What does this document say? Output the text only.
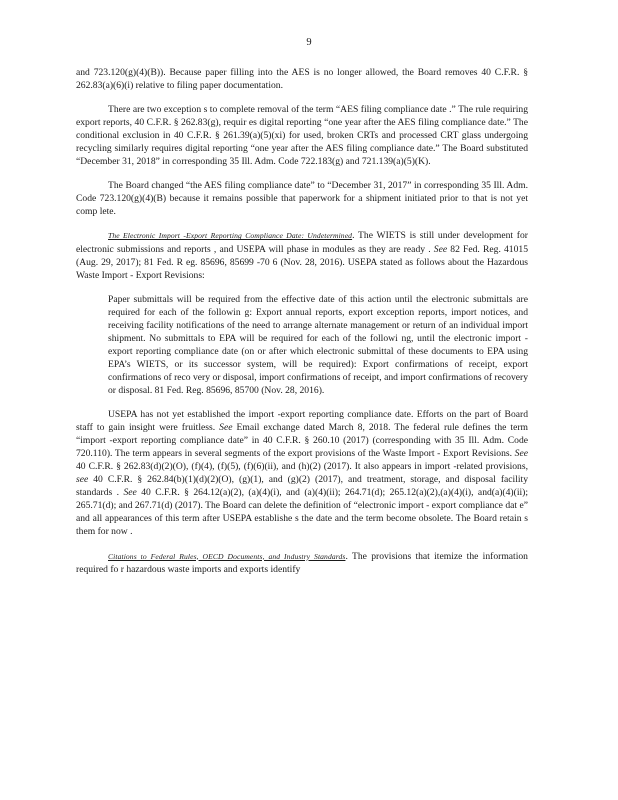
9

and 723.120(g)(4)(B)). Because paper filling into the AES is no longer allowed, the Board removes 40 C.F.R. § 262.83(a)(6)(i) relative to filing paper documentation.

There are two exception s to complete removal of the term “AES filing compliance date .” The rule requiring export reports, 40 C.F.R. § 262.83(g), requir es digital reporting “one year after the AES filing compliance date.” The conditional exclusion in 40 C.F.R. § 261.39(a)(5)(xi) for used, broken CRTs and processed CRT glass undergoing recycling similarly requires digital reporting “one year after the AES filing compliance date.” The Board substituted “December 31, 2018” in corresponding 35 Ill. Adm. Code 722.183(g) and 721.139(a)(5)(K).

The Board changed “the AES filing compliance date” to “December 31, 2017” in corresponding 35 Ill. Adm. Code 723.120(g)(4)(B) because it remains possible that paperwork for a shipment initiated prior to that is not yet comp lete.

The Electronic Import -Export Reporting Compliance Date: Undetermined. The WIETS is still under development for electronic submissions and reports , and USEPA will phase in modules as they are ready . See 82 Fed. Reg. 41015 (Aug. 29, 2017); 81 Fed. R eg. 85696, 85699 -70 6 (Nov. 28, 2016). USEPA stated as follows about the Hazardous Waste Import - Export Revisions:

Paper submittals will be required from the effective date of this action until the electronic submittals are required for each of the followin g: Export annual reports, export exception reports, import notices, and receiving facility notifications of the need to arrange alternate management or return of an individual import shipment. No submittals to EPA will be required for each of the followi ng, until the electronic import -export reporting compliance date (on or after which electronic submittal of these documents to EPA using EPA’s WIETS, or its successor system, will be required): Export confirmations of receipt, export confirmations of reco very or disposal, import confirmations of receipt, and import confirmations of recovery or disposal. 81 Fed. Reg. 85696, 85700 (Nov. 28, 2016).

USEPA has not yet established the import -export reporting compliance date. Efforts on the part of Board staff to gain insight were fruitless. See Email exchange dated March 8, 2018. The federal rule defines the term “import -export reporting compliance date” in 40 C.F.R. § 260.10 (2017) (corresponding with 35 Ill. Adm. Code 720.110). The term appears in several segments of the export provisions of the Waste Import - Export Revisions. See 40 C.F.R. § 262.83(d)(2)(O), (f)(4), (f)(5), (f)(6)(ii), and (h)(2) (2017). It also appears in import -related provisions, see 40 C.F.R. § 262.84(b)(1)(d)(2)(O), (g)(1), and (g)(2) (2017), and treatment, storage, and disposal facility standards . See 40 C.F.R. § 264.12(a)(2), (a)(4)(i), and (a)(4)(ii); 264.71(d); 265.12(a)(2),(a)(4)(i), and(a)(4)(ii); 265.71(d); and 267.71(d) (2017). The Board can delete the definition of “electronic import - export compliance dat e” and all appearances of this term after USEPA establishe s the date and the term become obsolete. The Board retain s them for now .

Citations to Federal Rules, OECD Documents, and Industry Standards. The provisions that itemize the information required fo r hazardous waste imports and exports identify
